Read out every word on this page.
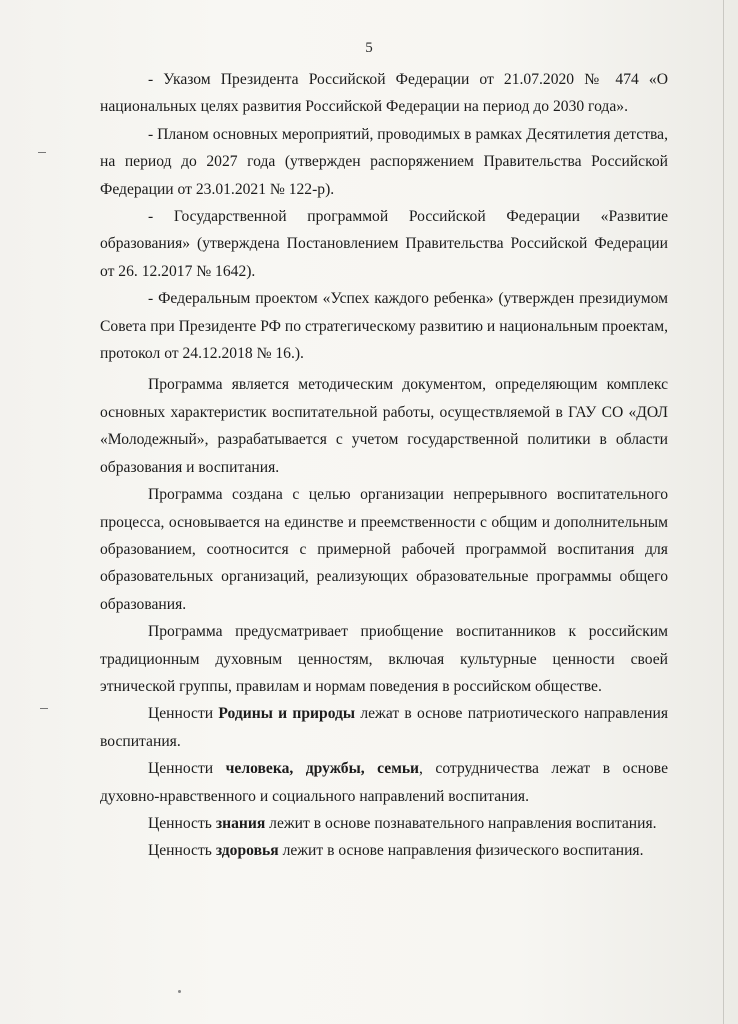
5

- Указом Президента Российской Федерации от 21.07.2020 № 474 «О национальных целях развития Российской Федерации на период до 2030 года».

- Планом основных мероприятий, проводимых в рамках Десятилетия детства, на период до 2027 года (утвержден распоряжением Правительства Российской Федерации от 23.01.2021 № 122-р).

- Государственной программой Российской Федерации «Развитие образования» (утверждена Постановлением Правительства Российской Федерации от 26. 12.2017 № 1642).

- Федеральным проектом «Успех каждого ребенка» (утвержден президиумом Совета при Президенте РФ по стратегическому развитию и национальным проектам, протокол от 24.12.2018 № 16.).

Программа является методическим документом, определяющим комплекс основных характеристик воспитательной работы, осуществляемой в ГАУ СО «ДОЛ «Молодежный», разрабатывается с учетом государственной политики в области образования и воспитания.

Программа создана с целью организации непрерывного воспитательного процесса, основывается на единстве и преемственности с общим и дополнительным образованием, соотносится с примерной рабочей программой воспитания для образовательных организаций, реализующих образовательные программы общего образования.

Программа предусматривает приобщение воспитанников к российским традиционным духовным ценностям, включая культурные ценности своей этнической группы, правилам и нормам поведения в российском обществе.

Ценности Родины и природы лежат в основе патриотического направления воспитания.

Ценности человека, дружбы, семьи, сотрудничества лежат в основе духовно-нравственного и социального направлений воспитания.

Ценность знания лежит в основе познавательного направления воспитания.

Ценность здоровья лежит в основе направления физического воспитания.
